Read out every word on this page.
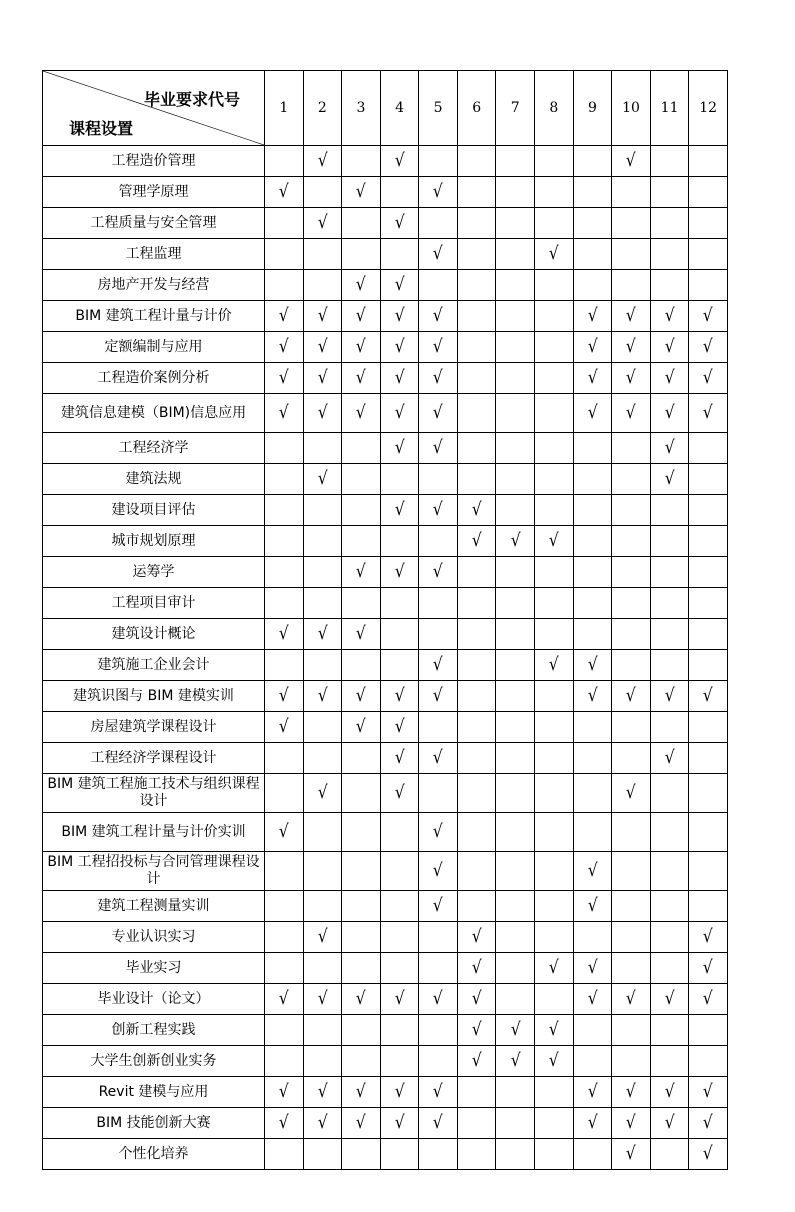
毕业要求代号
课程设置	1	2	3	4	5	6	7	8	9	10	11	12
工程造价管理		√		√						√		
管理学原理	√		√		√							
工程质量与安全管理		√		√								
工程监理					√			√				
房地产开发与经营			√	√								
BIM 建筑工程计量与计价	√	√	√	√	√				√	√	√	√
定额编制与应用	√	√	√	√	√				√	√	√	√
工程造价案例分析	√	√	√	√	√				√	√	√	√
建筑信息建模（BIM)信息应用	√	√	√	√	√				√	√	√	√
工程经济学				√	√						√	
建筑法规		√									√	
建设项目评估				√	√	√						
城市规划原理						√	√	√				
运筹学			√	√	√							
工程项目审计												
建筑设计概论	√	√	√									
建筑施工企业会计					√			√	√			
建筑识图与 BIM 建模实训	√	√	√	√	√				√	√	√	√
房屋建筑学课程设计	√		√	√								
工程经济学课程设计				√	√						√	
BIM 建筑工程施工技术与组织课程设计		√		√						√		
BIM 建筑工程计量与计价实训	√				√							
BIM 工程招投标与合同管理课程设计					√				√			
建筑工程测量实训					√				√			
专业认识实习		√				√						√
毕业实习						√		√	√			√
毕业设计（论文）	√	√	√	√	√	√			√	√	√	√
创新工程实践						√	√	√				
大学生创新创业实务						√	√	√				
Revit 建模与应用	√	√	√	√	√				√	√	√	√
BIM 技能创新大赛	√	√	√	√	√				√	√	√	√
个性化培养										√		√
